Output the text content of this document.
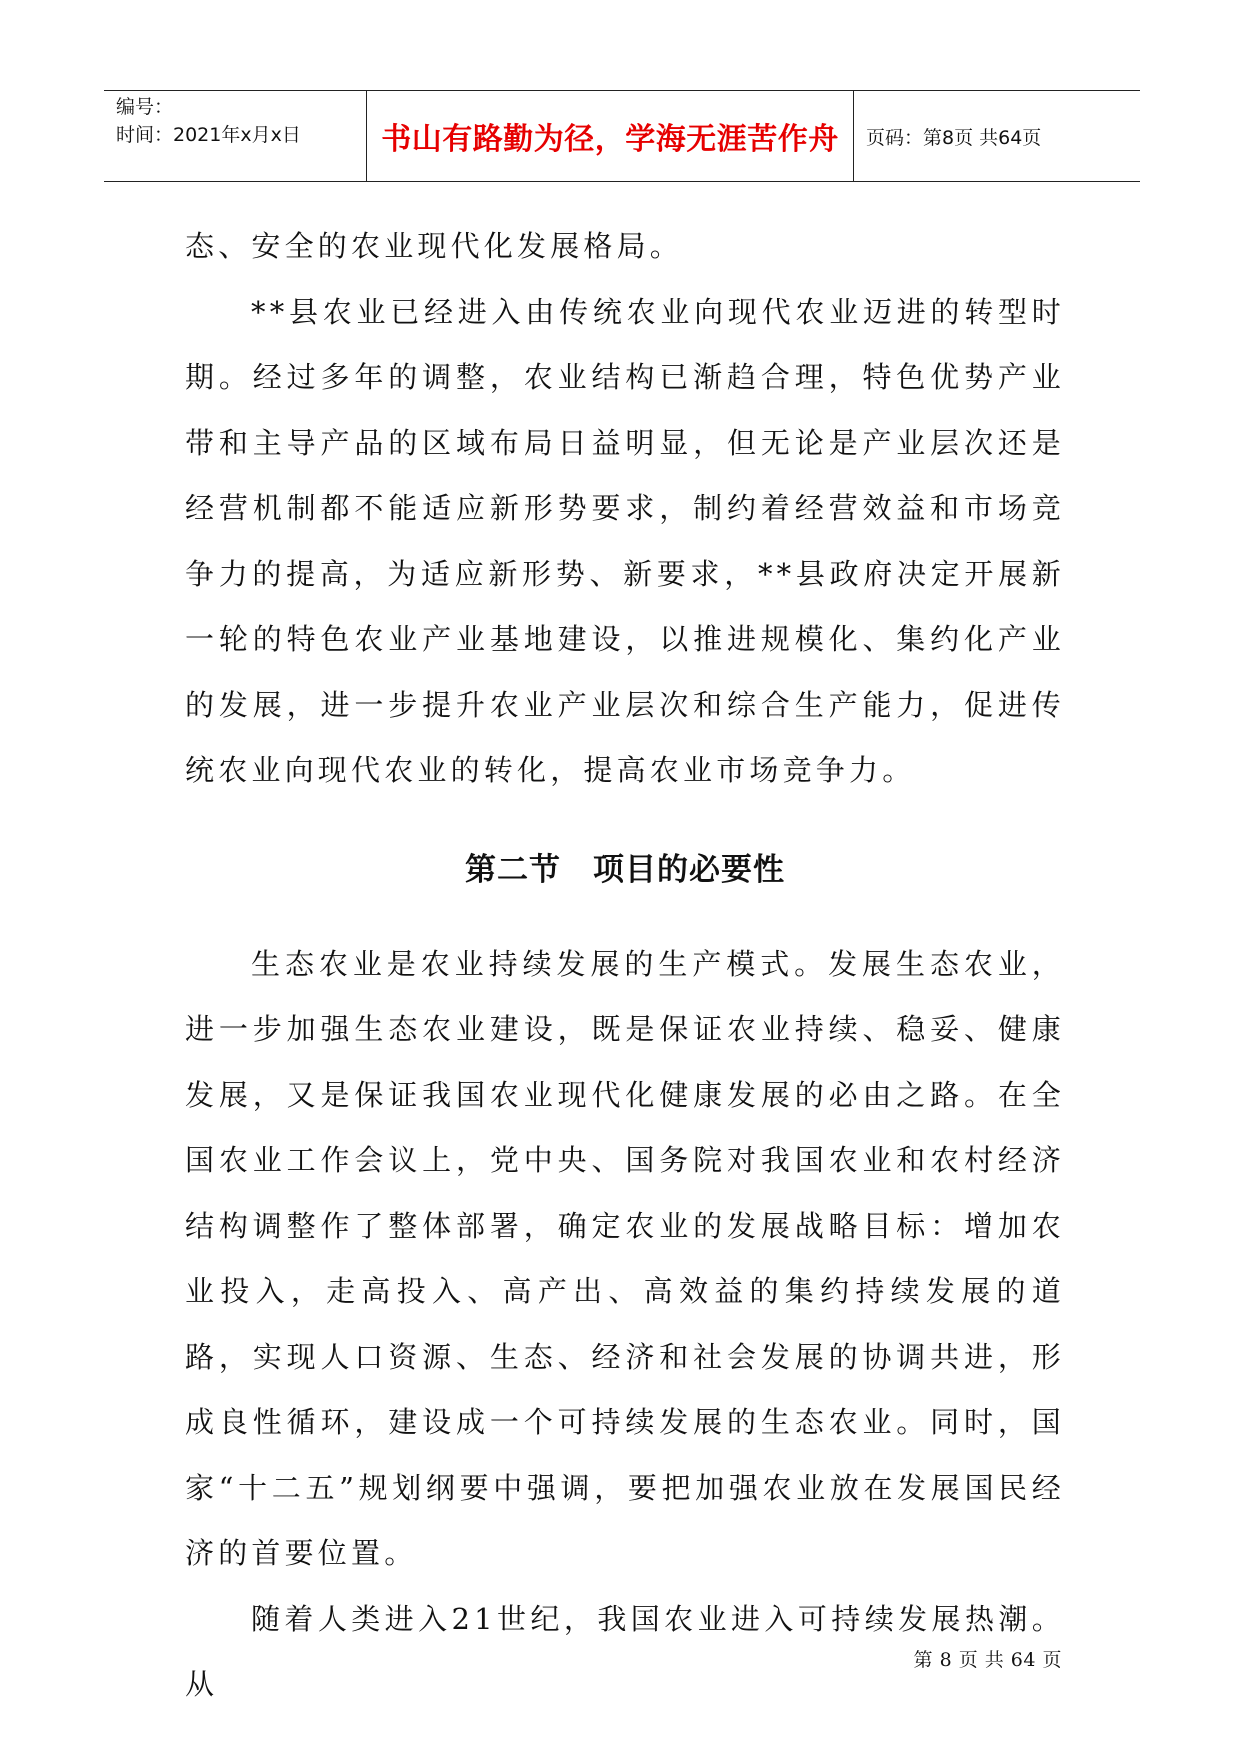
编号：
时间：2021年x月x日	书山有路勤为径，学海无涯苦作舟 页码：第8页 共64页

态、安全的农业现代化发展格局。

**县农业已经进入由传统农业向现代农业迈进的转型时期。经过多年的调整，农业结构已渐趋合理，特色优势产业带和主导产品的区域布局日益明显，但无论是产业层次还是经营机制都不能适应新形势要求，制约着经营效益和市场竞争力的提高，为适应新形势、新要求，**县政府决定开展新一轮的特色农业产业基地建设，以推进规模化、集约化产业的发展，进一步提升农业产业层次和综合生产能力，促进传统农业向现代农业的转化，提高农业市场竞争力。

第二节　项目的必要性

生态农业是农业持续发展的生产模式。发展生态农业，进一步加强生态农业建设，既是保证农业持续、稳妥、健康发展，又是保证我国农业现代化健康发展的必由之路。在全国农业工作会议上，党中央、国务院对我国农业和农村经济结构调整作了整体部署，确定农业的发展战略目标：增加农业投入，走高投入、高产出、高效益的集约持续发展的道路，实现人口资源、生态、经济和社会发展的协调共进，形成良性循环，建设成一个可持续发展的生态农业。同时，国家“十二五”规划纲要中强调，要把加强农业放在发展国民经济的首要位置。

随着人类进入21世纪，我国农业进入可持续发展热潮。从

第 8 页 共 64 页
